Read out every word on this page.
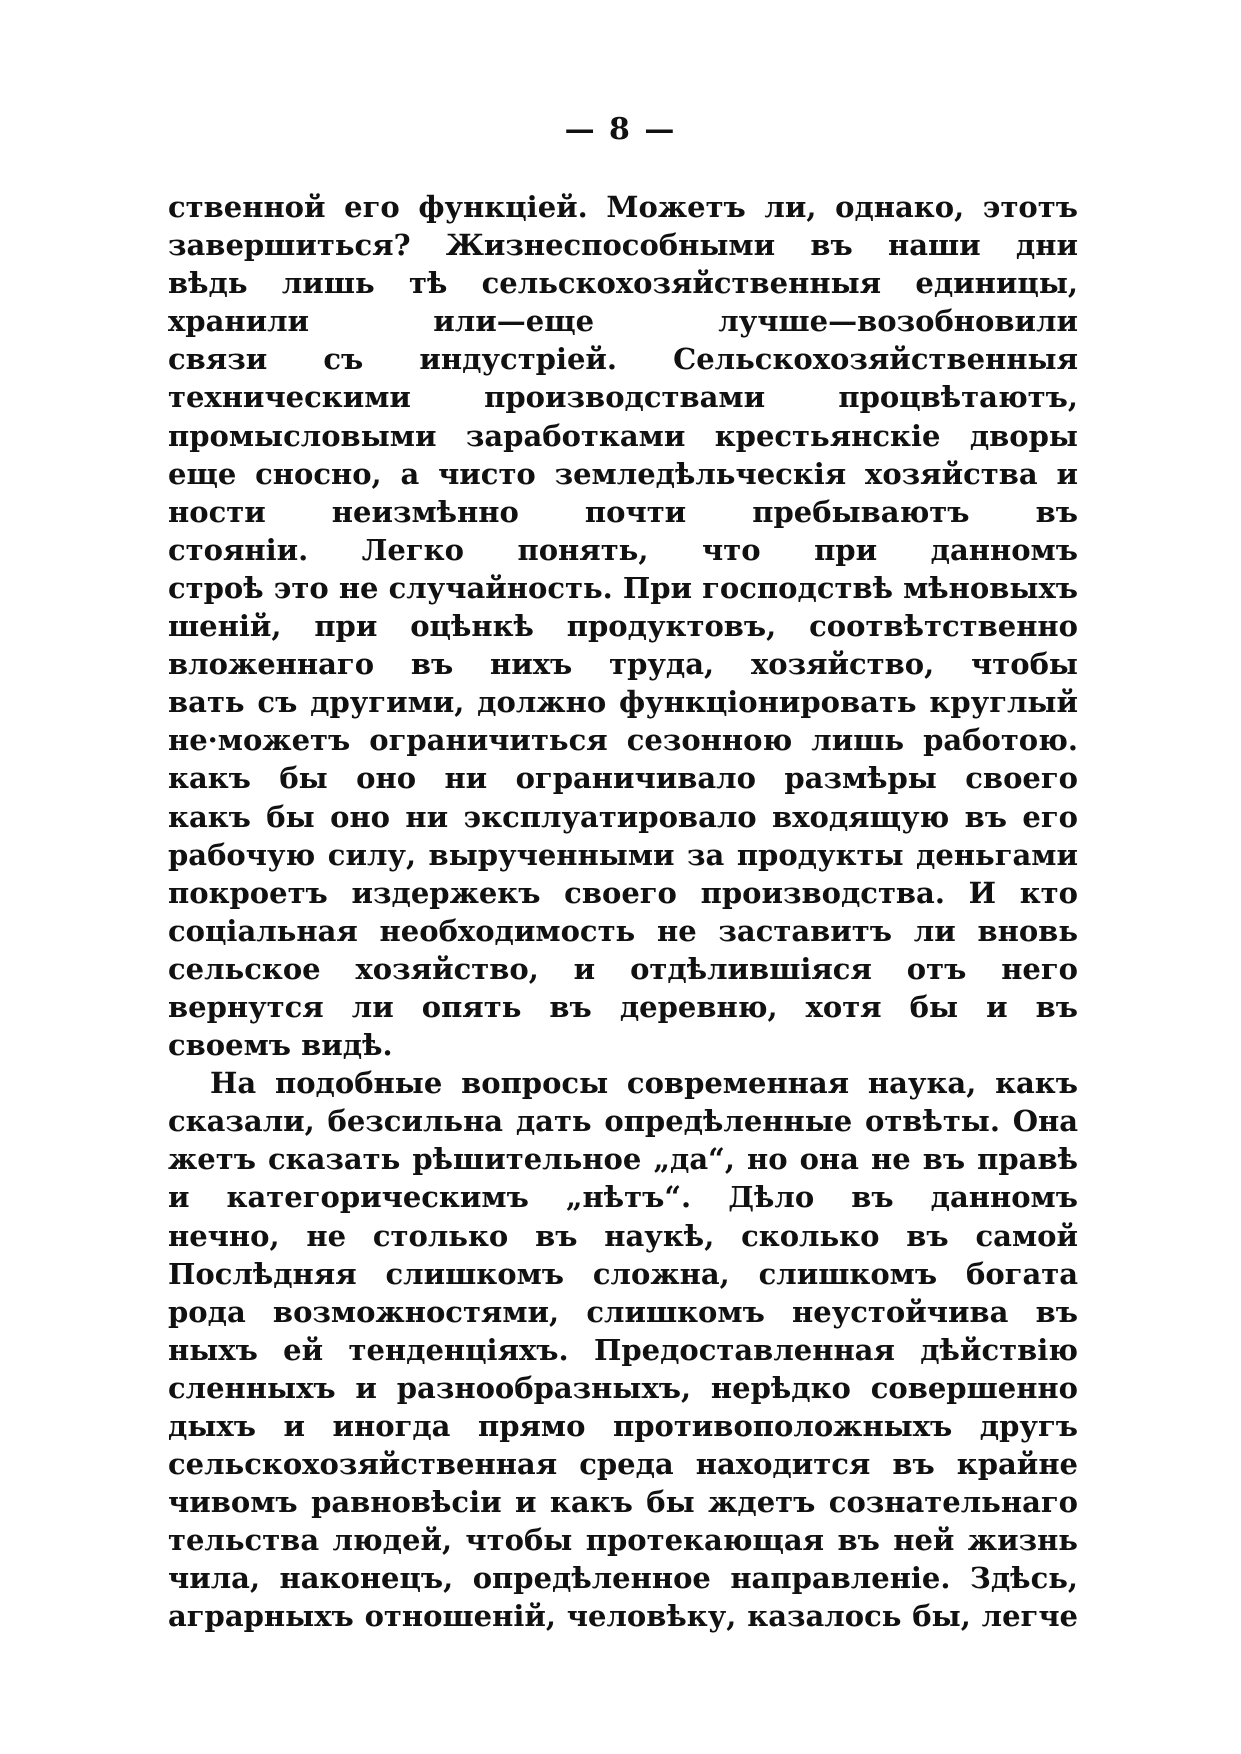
— 8 —
ственной его функціей. Можетъ ли, однако, этотъ
завершиться? Жизнеспособными въ наши дни
вѣдь лишь тѣ сельскохозяйственныя единицы,
хранили или—еще лучше—возобновили
связи съ индустріей. Сельскохозяйственныя
техническими производствами процвѣтаютъ,
промысловыми заработками крестьянскіе дворы
еще сносно, а чисто земледѣльческія хозяйства и
ности неизмѣнно почти пребываютъ въ
стояніи. Легко понять, что при данномъ
строѣ это не случайность. При господствѣ мѣновыхъ
шеній, при оцѣнкѣ продуктовъ, соотвѣтственно
вложеннаго въ нихъ труда, хозяйство, чтобы
вать съ другими, должно функціонировать круглый
не·можетъ ограничиться сезонною лишь работою.
какъ бы оно ни ограничивало размѣры своего
какъ бы оно ни эксплуатировало входящую въ его
рабочую силу, вырученными за продукты деньгами
покроетъ издержекъ своего производства. И кто
соціальная необходимость не заставитъ ли вновь
сельское хозяйство, и отдѣлившіяся отъ него
вернутся ли опять въ деревню, хотя бы и въ
своемъ видѣ.
На подобные вопросы современная наука, какъ
сказали, безсильна дать опредѣленные отвѣты. Она
жетъ сказать рѣшительное „да“, но она не въ правѣ
и категорическимъ „нѣтъ“. Дѣло въ данномъ
нечно, не столько въ наукѣ, сколько въ самой
Послѣдняя слишкомъ сложна, слишкомъ богата
рода возможностями, слишкомъ неустойчива въ
ныхъ ей тенденціяхъ. Предоставленная дѣйствію
сленныхъ и разнообразныхъ, нерѣдко совершенно
дыхъ и иногда прямо противоположныхъ другъ
сельскохозяйственная среда находится въ крайне
чивомъ равновѣсіи и какъ бы ждетъ сознательнаго
тельства людей, чтобы протекающая въ ней жизнь
чила, наконецъ, опредѣленное направленіе. Здѣсь,
аграрныхъ отношеній, человѣку, казалось бы, легче
